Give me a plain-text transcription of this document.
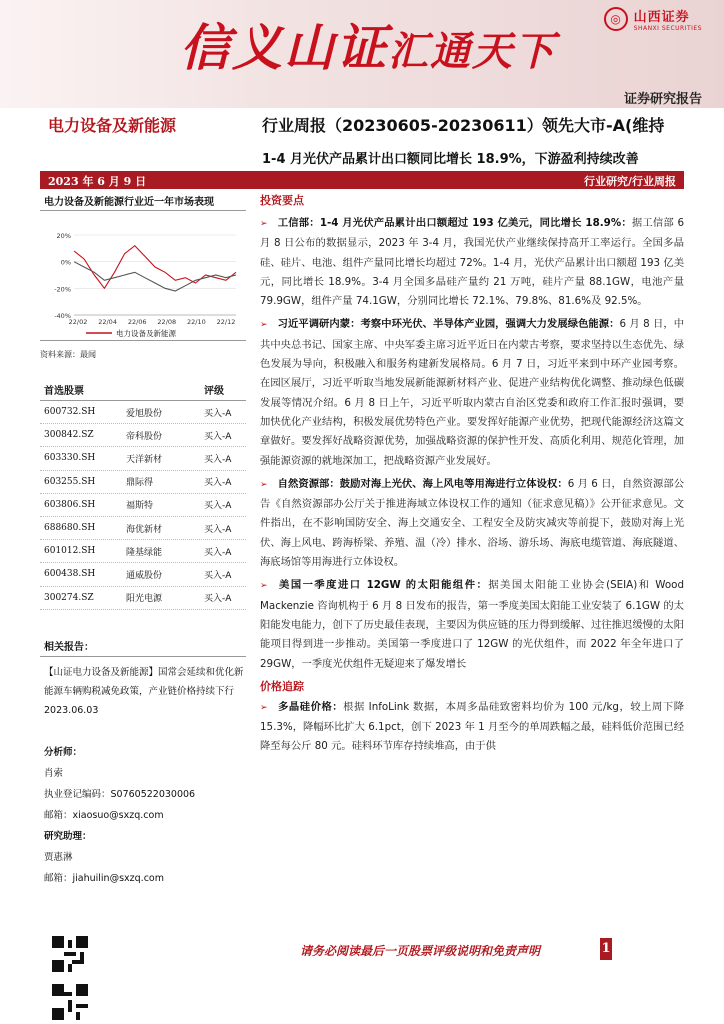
信义山证汇通天下
◎ 山西证券
SHANXI SECURITIES
证券研究报告
电力设备及新能源	行业周报（20230605-20230611） 领先大市-A(维持
1-4 月光伏产品累计出口额同比增长 18.9%，下游盈利持续改善
2023 年 6 月 9 日	行业研究/行业周报
电力设备及新能源行业近一年市场表现
20%
0%
-20%
-40%
22/02 22/04 22/06 22/08 22/10 22/12
电力设备及新能源
资料来源：最闻
首选股票	评级
600732.SH	爱旭股份	买入-A
300842.SZ	帝科股份	买入-A
603330.SH	天洋新材	买入-A
603255.SH	鼎际得	买入-A
603806.SH	福斯特	买入-A
688680.SH	海优新材	买入-A
601012.SH	隆基绿能	买入-A
600438.SH	通威股份	买入-A
300274.SZ	阳光电源	买入-A
相关报告：
【山证电力设备及新能源】国常会延续和优化新能源车辆购税减免政策，产业链价格持续下行 2023.06.03
分析师：
肖索
执业登记编码：S0760522030006
邮箱：xiaosuo@sxzq.com
研究助理：
贾惠淋
邮箱：jiahuilin@sxzq.com
投资要点
➢ 工信部：1-4 月光伏产品累计出口额超过 193 亿美元，同比增长 18.9%：据工信部 6 月 8 日公布的数据显示，2023 年 3-4 月，我国光伏产业继续保持高开工率运行。全国多晶硅、硅片、电池、组件产量同比增长均超过 72%。1-4 月，光伏产品累计出口额超 193 亿美元，同比增长 18.9%。3-4 月全国多晶硅产量约 21 万吨，硅片产量 88.1GW，电池产量 79.9GW，组件产量 74.1GW，分别同比增长 72.1%、79.8%、81.6%及 92.5%。
➢ 习近平调研内蒙：考察中环光伏、半导体产业园，强调大力发展绿色能源：6 月 8 日，中共中央总书记、国家主席、中央军委主席习近平近日在内蒙古考察，要求坚持以生态优先、绿色发展为导向，积极融入和服务构建新发展格局。6 月 7 日，习近平来到中环产业园考察。在园区展厅，习近平听取当地发展新能源新材料产业、促进产业结构优化调整、推动绿色低碳发展等情况介绍。6 月 8 日上午，习近平听取内蒙古自治区党委和政府工作汇报时强调，要加快优化产业结构，积极发展优势特色产业。要发挥好能源产业优势，把现代能源经济这篇文章做好。要发挥好战略资源优势，加强战略资源的保护性开发、高质化利用、规范化管理，加强能源资源的就地深加工，把战略资源产业发展好。
➢ 自然资源部：鼓励对海上光伏、海上风电等用海进行立体设权：6 月 6 日，自然资源部公告《自然资源部办公厅关于推进海域立体设权工作的通知（征求意见稿）》公开征求意见。文件指出，在不影响国防安全、海上交通安全、工程安全及防灾减灾等前提下，鼓励对海上光伏、海上风电、跨海桥梁、养殖、温（冷）排水、浴场、游乐场、海底电缆管道、海底隧道、海底场馆等用海进行立体设权。
➢ 美国一季度进口 12GW 的太阳能组件：据美国太阳能工业协会(SEIA)和 Wood Mackenzie 咨询机构于 6 月 8 日发布的报告，第一季度美国太阳能工业安装了 6.1GW 的太阳能发电能力，创下了历史最佳表现，主要因为供应链的压力得到缓解、过往推迟缓慢的太阳能项目得到进一步推动。美国第一季度进口了 12GW 的光伏组件，而 2022 年全年进口了 29GW，一季度光伏组件无疑迎来了爆发增长
价格追踪
➢ 多晶硅价格：根据 InfoLink 数据，本周多晶硅致密料均价为 100 元/kg，较上周下降 15.3%，降幅环比扩大 6.1pct，创下 2023 年 1 月至今的单周跌幅之最，硅料低价范围已经降至每公斤 80 元。硅料环节库存持续堆高，由于供
请务必阅读最后一页股票评级说明和免责声明	1
